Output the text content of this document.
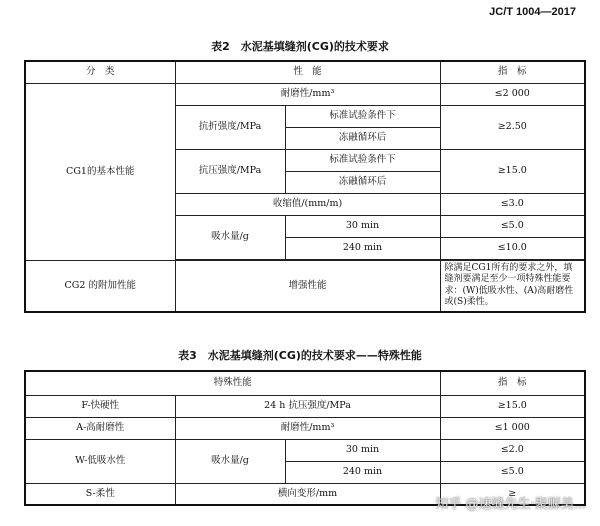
JC/T 1004—2017
表2　水泥基填缝剂(CG)的技术要求
分　类	性　能		指　标
CG1的基本性能	耐磨性/mm³		≤2 000
	抗折强度/MPa	标准试验条件下	≥2.50
		冻融循环后	
	抗压强度/MPa	标准试验条件下	≥15.0
		冻融循环后	
	收缩值/(mm/m)		≤3.0
	吸水量/g	30 min	≤5.0
		240 min	≤10.0

CG2 的附加性能	增强性能		除满足CG1所有的要求之外，填缝剂要满足至少一项特殊性能要求：(W)低吸水性、(A)高耐磨性或(S)柔性。
表3　水泥基填缝剂(CG)的技术要求——特殊性能
特殊性能			指　标
F-快硬性	24 h 抗压强度/MPa		≥15.0
A-高耐磨性	耐磨性/mm³		≤1 000
W-低吸水性	吸水量/g	30 min	≤2.0
		240 min	≤5.0
S-柔性	横向变形/mm		≥
知乎 @速缝先生·聚脲美...
